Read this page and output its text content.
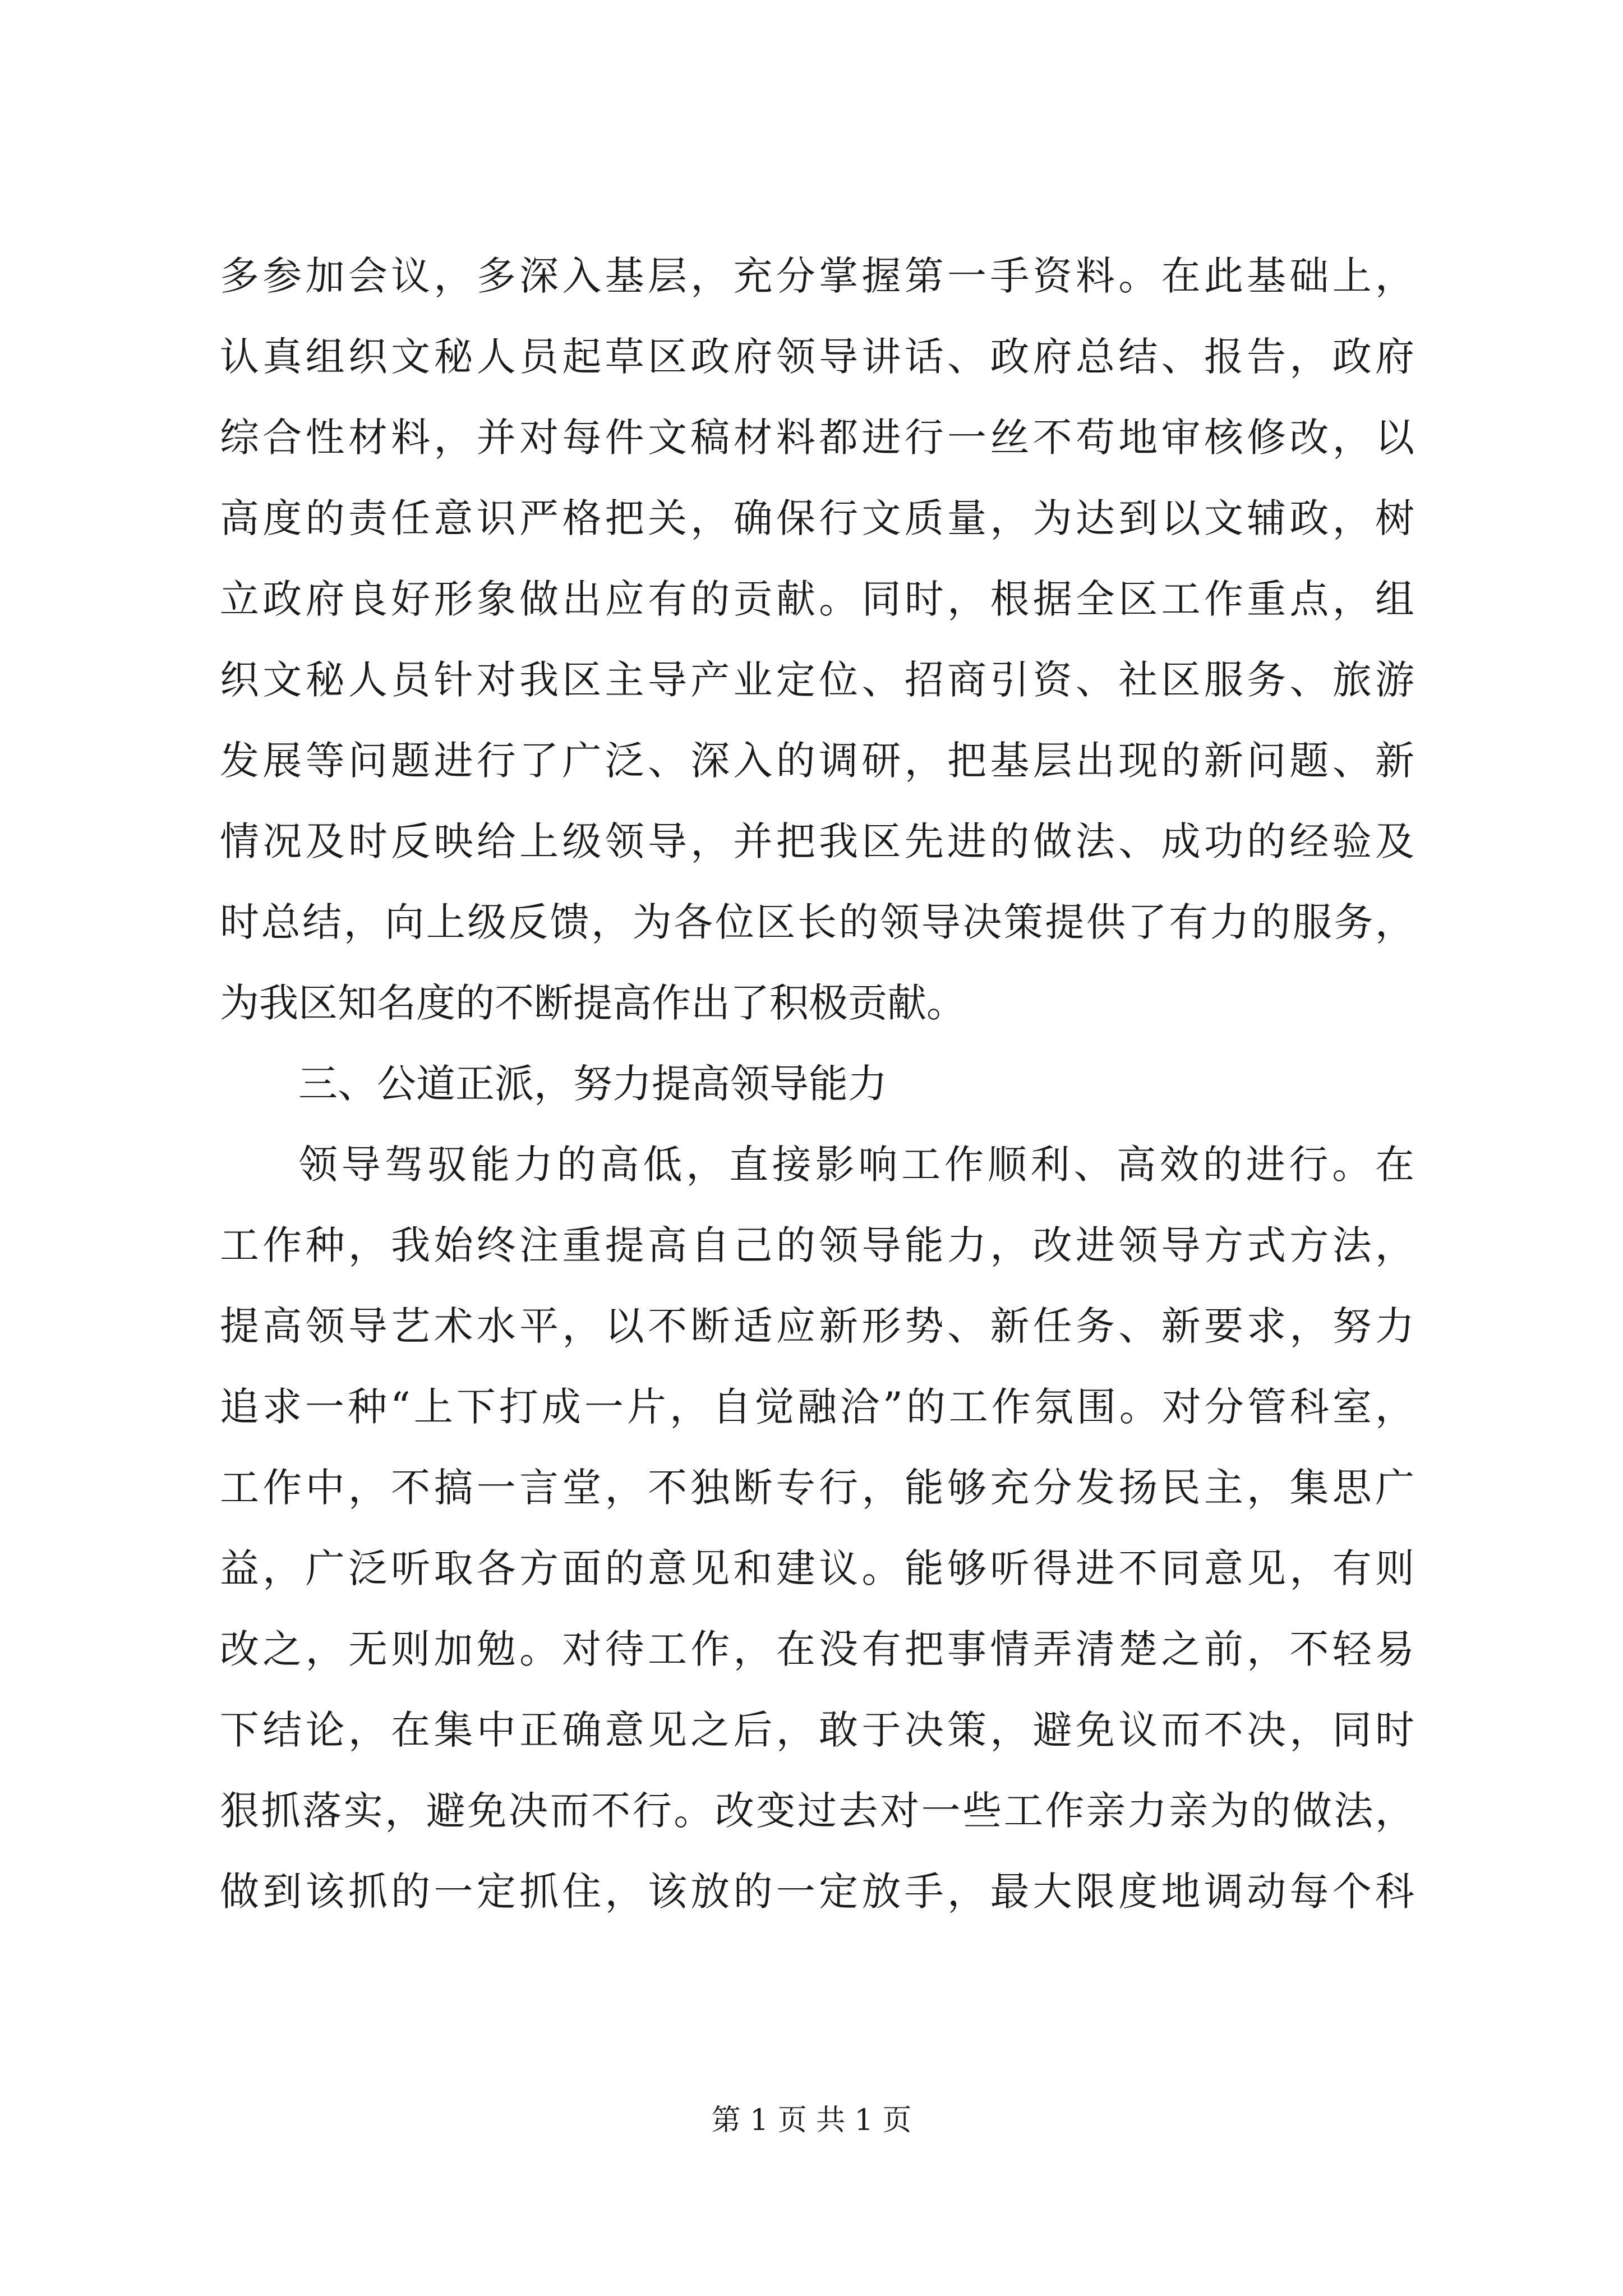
多参加会议，多深入基层，充分掌握第一手资料。在此基础上，
认真组织文秘人员起草区政府领导讲话、政府总结、报告，政府
综合性材料，并对每件文稿材料都进行一丝不苟地审核修改，以
高度的责任意识严格把关，确保行文质量，为达到以文辅政，树
立政府良好形象做出应有的贡献。同时，根据全区工作重点，组
织文秘人员针对我区主导产业定位、招商引资、社区服务、旅游
发展等问题进行了广泛、深入的调研，把基层出现的新问题、新
情况及时反映给上级领导，并把我区先进的做法、成功的经验及
时总结，向上级反馈，为各位区长的领导决策提供了有力的服务，
为我区知名度的不断提高作出了积极贡献。
三、公道正派，努力提高领导能力
领导驾驭能力的高低，直接影响工作顺利、高效的进行。在
工作种，我始终注重提高自己的领导能力，改进领导方式方法，
提高领导艺术水平，以不断适应新形势、新任务、新要求，努力
追求一种“上下打成一片，自觉融洽”的工作氛围。对分管科室，
工作中，不搞一言堂，不独断专行，能够充分发扬民主，集思广
益，广泛听取各方面的意见和建议。能够听得进不同意见，有则
改之，无则加勉。对待工作，在没有把事情弄清楚之前，不轻易
下结论，在集中正确意见之后，敢于决策，避免议而不决，同时
狠抓落实，避免决而不行。改变过去对一些工作亲力亲为的做法，
做到该抓的一定抓住，该放的一定放手，最大限度地调动每个科
第 1 页 共 1 页
